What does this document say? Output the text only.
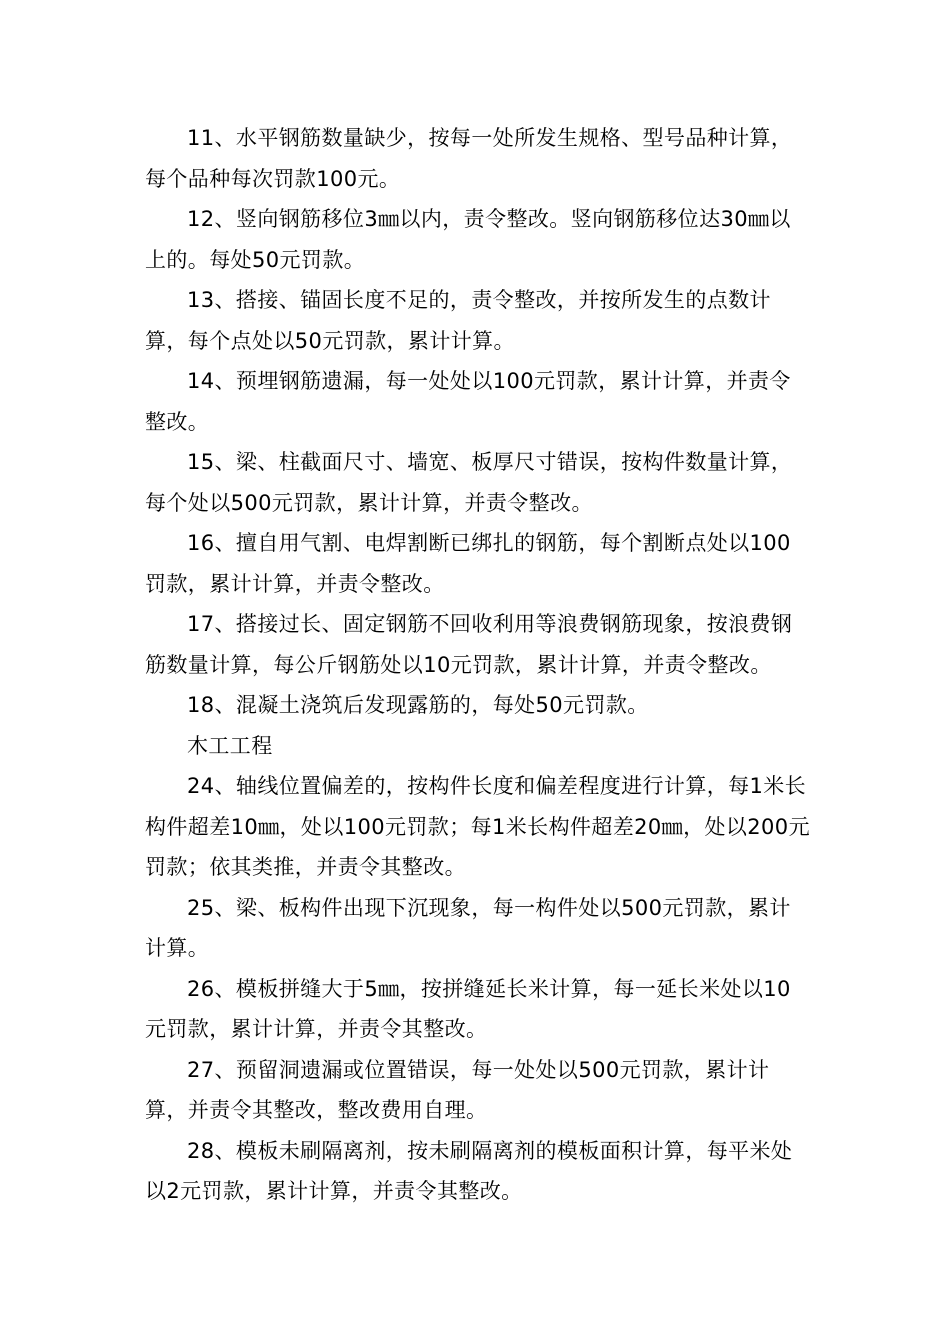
11、水平钢筋数量缺少，按每一处所发生规格、型号品种计算，每个品种每次罚款100元。

12、竖向钢筋移位3㎜以内，责令整改。竖向钢筋移位达30㎜以上的。每处50元罚款。

13、搭接、锚固长度不足的，责令整改，并按所发生的点数计算，每个点处以50元罚款，累计计算。

14、预埋钢筋遗漏，每一处处以100元罚款，累计计算，并责令整改。

15、梁、柱截面尺寸、墙宽、板厚尺寸错误，按构件数量计算，每个处以500元罚款，累计计算，并责令整改。

16、擅自用气割、电焊割断已绑扎的钢筋，每个割断点处以100罚款，累计计算，并责令整改。

17、搭接过长、固定钢筋不回收利用等浪费钢筋现象，按浪费钢筋数量计算，每公斤钢筋处以10元罚款，累计计算，并责令整改。

18、混凝土浇筑后发现露筋的，每处50元罚款。

木工工程

24、轴线位置偏差的，按构件长度和偏差程度进行计算，每1米长构件超差10㎜，处以100元罚款；每1米长构件超差20㎜，处以200元罚款；依其类推，并责令其整改。

25、梁、板构件出现下沉现象，每一构件处以500元罚款，累计计算。

26、模板拼缝大于5㎜，按拼缝延长米计算，每一延长米处以10元罚款，累计计算，并责令其整改。

27、预留洞遗漏或位置错误，每一处处以500元罚款，累计计算，并责令其整改，整改费用自理。

28、模板未刷隔离剂，按未刷隔离剂的模板面积计算，每平米处以2元罚款，累计计算，并责令其整改。
